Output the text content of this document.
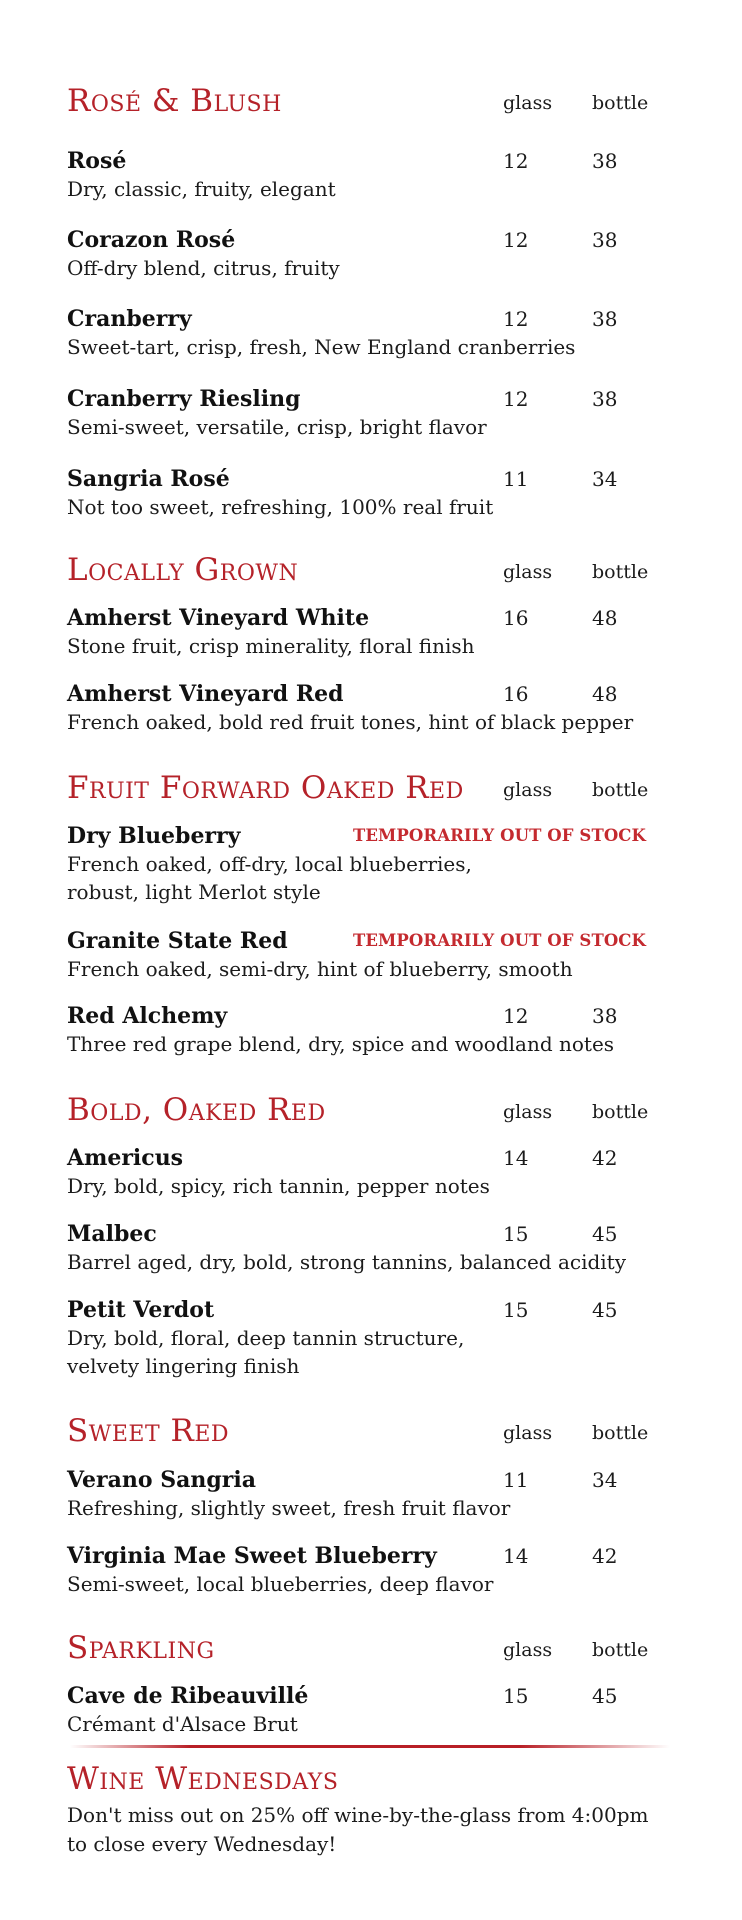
Rosé & Blush	glass bottle
Rosé	12	38
Dry, classic, fruity, elegant
Corazon Rosé	12	38
Off-dry blend, citrus, fruity
Cranberry	12	38
Sweet-tart, crisp, fresh, New England cranberries
Cranberry Riesling	12	38
Semi-sweet, versatile, crisp, bright flavor
Sangria Rosé	11	34
Not too sweet, refreshing, 100% real fruit
Locally Grown	glass bottle
Amherst Vineyard White	16	48
Stone fruit, crisp minerality, floral finish
Amherst Vineyard Red	16	48
French oaked, bold red fruit tones, hint of black pepper
Fruit Forward Oaked Red glass bottle
Dry Blueberry	TEMPORARILY OUT OF STOCK
French oaked, off-dry, local blueberries,
robust, light Merlot style
Granite State Red	TEMPORARILY OUT OF STOCK
French oaked, semi-dry, hint of blueberry, smooth
Red Alchemy	12	38
Three red grape blend, dry, spice and woodland notes
Bold, Oaked Red	glass bottle
Americus	14	42
Dry, bold, spicy, rich tannin, pepper notes
Malbec	15	45
Barrel aged, dry, bold, strong tannins, balanced acidity
Petit Verdot	15	45
Dry, bold, floral, deep tannin structure,
velvety lingering finish
Sweet Red	glass bottle
Verano Sangria	11	34
Refreshing, slightly sweet, fresh fruit flavor
Virginia Mae Sweet Blueberry	14	42
Semi-sweet, local blueberries, deep flavor
Sparkling	glass bottle
Cave de Ribeauvillé	15	45
Crémant d'Alsace Brut
Wine Wednesdays
Don't miss out on 25% off wine-by-the-glass from 4:00pm
to close every Wednesday!
